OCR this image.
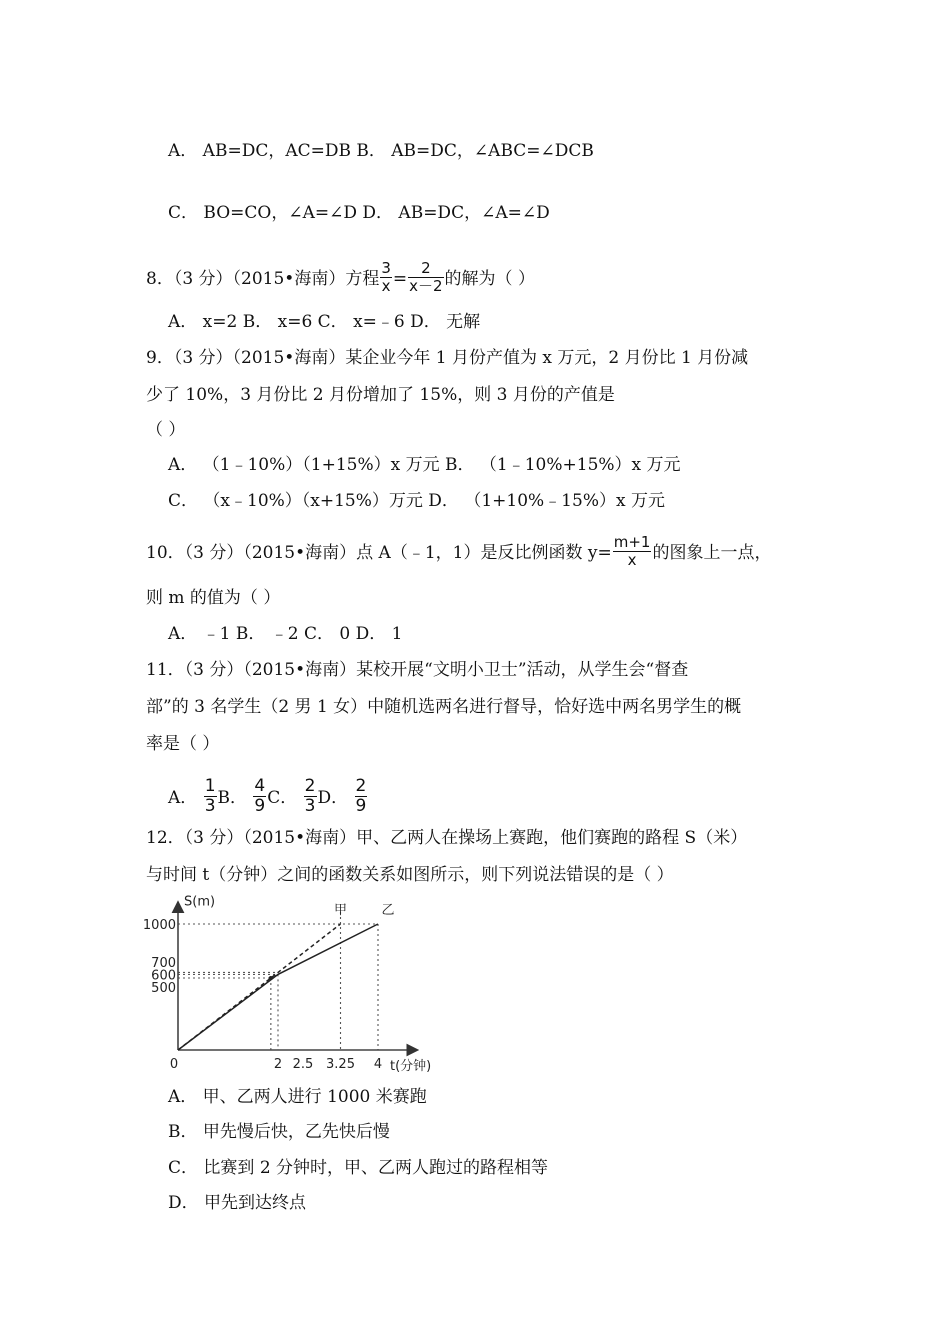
A． AB=DC，AC=DB B． AB=DC，∠ABC=∠DCB
C． BO=CO，∠A=∠D D． AB=DC，∠A=∠D
8．（3 分）（2015•海南）方程 $\frac{3}{x} = \frac{2}{x-2}$ 的解为（ ）
A． x=2 B． x=6 C． x=﹣6 D． 无解
9．（3 分）（2015•海南）某企业今年 1 月份产值为 x 万元，2 月份比 1 月份减
少了 10%，3 月份比 2 月份增加了 15%，则 3 月份的产值是
（ ）
A． （1﹣10%）（1+15%）x 万元 B． （1﹣10%+15%）x 万元
C． （x﹣10%）（x+15%）万元 D． （1+10%﹣15%）x 万元
10．（3 分）（2015•海南）点 A（﹣1，1）是反比例函数 $y= \frac{m+1}{x}$ 的图象上一点，
则 m 的值为（ ）
A． ﹣1 B． ﹣2 C． 0 D． 1
11．（3 分）（2015•海南）某校开展“文明小卫士”活动，从学生会“督查
部”的 3 名学生（2 男 1 女）中随机选两名进行督导，恰好选中两名男学生的概
率是（ ）
A． $\frac{1}{3}$ B． $\frac{4}{9}$ C． $\frac{2}{3}$ D． $\frac{2}{9}$
12．（3 分）（2015•海南）甲、乙两人在操场上赛跑，他们赛跑的路程 S（米）
与时间 t（分钟）之间的函数关系如图所示，则下列说法错误的是（ ）
甲	乙
0	2 2.5 3.25 4
1000
700
600
500
S(m)
t(分钟)
A． 甲、乙两人进行 1000 米赛跑
B． 甲先慢后快，乙先快后慢
C． 比赛到 2 分钟时，甲、乙两人跑过的路程相等
D． 甲先到达终点
